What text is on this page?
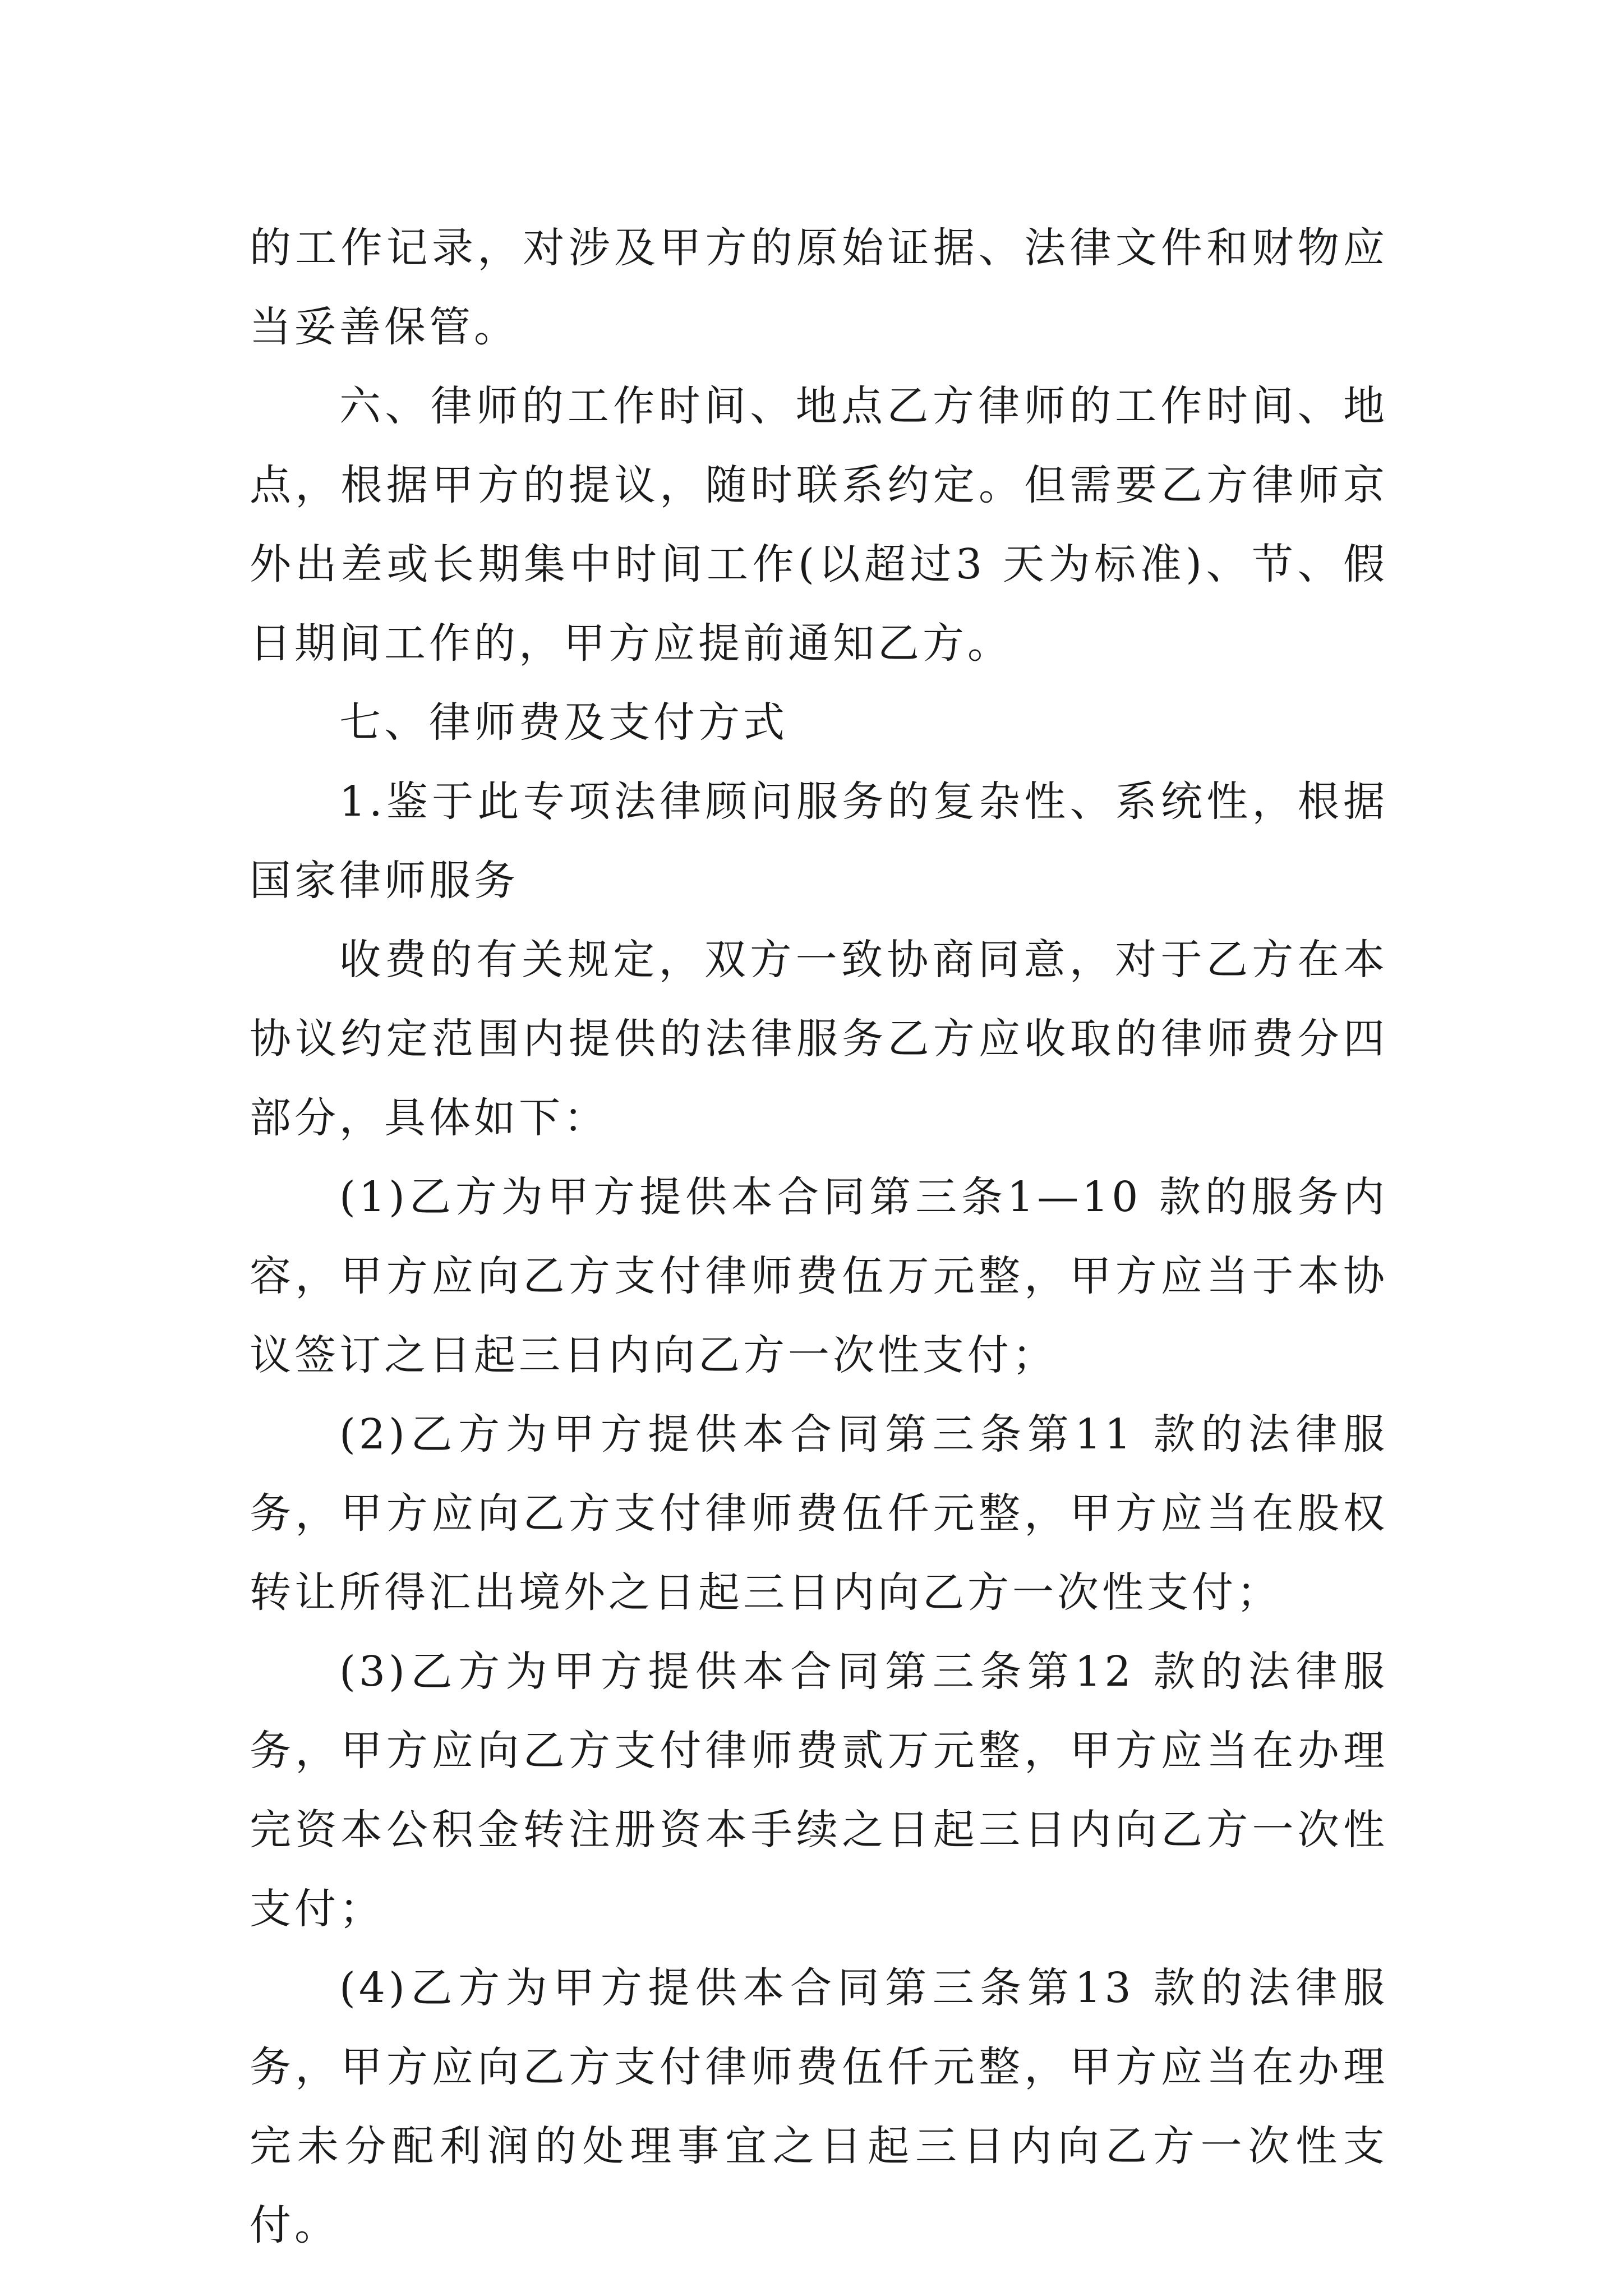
的工作记录，对涉及甲方的原始证据、法律文件和财物应当妥善保管。

六、律师的工作时间、地点乙方律师的工作时间、地点，根据甲方的提议，随时联系约定。但需要乙方律师京外出差或长期集中时间工作(以超过3 天为标准)、节、假日期间工作的，甲方应提前通知乙方。

七、律师费及支付方式

1.鉴于此专项法律顾问服务的复杂性、系统性，根据国家律师服务

收费的有关规定，双方一致协商同意，对于乙方在本协议约定范围内提供的法律服务乙方应收取的律师费分四部分，具体如下：

(1)乙方为甲方提供本合同第三条1—10 款的服务内容，甲方应向乙方支付律师费伍万元整，甲方应当于本协议签订之日起三日内向乙方一次性支付；

(2)乙方为甲方提供本合同第三条第11 款的法律服务，甲方应向乙方支付律师费伍仟元整，甲方应当在股权转让所得汇出境外之日起三日内向乙方一次性支付；

(3)乙方为甲方提供本合同第三条第12 款的法律服务，甲方应向乙方支付律师费贰万元整，甲方应当在办理完资本公积金转注册资本手续之日起三日内向乙方一次性支付；

(4)乙方为甲方提供本合同第三条第13 款的法律服务，甲方应向乙方支付律师费伍仟元整，甲方应当在办理完未分配利润的处理事宜之日起三日内向乙方一次性支付。
